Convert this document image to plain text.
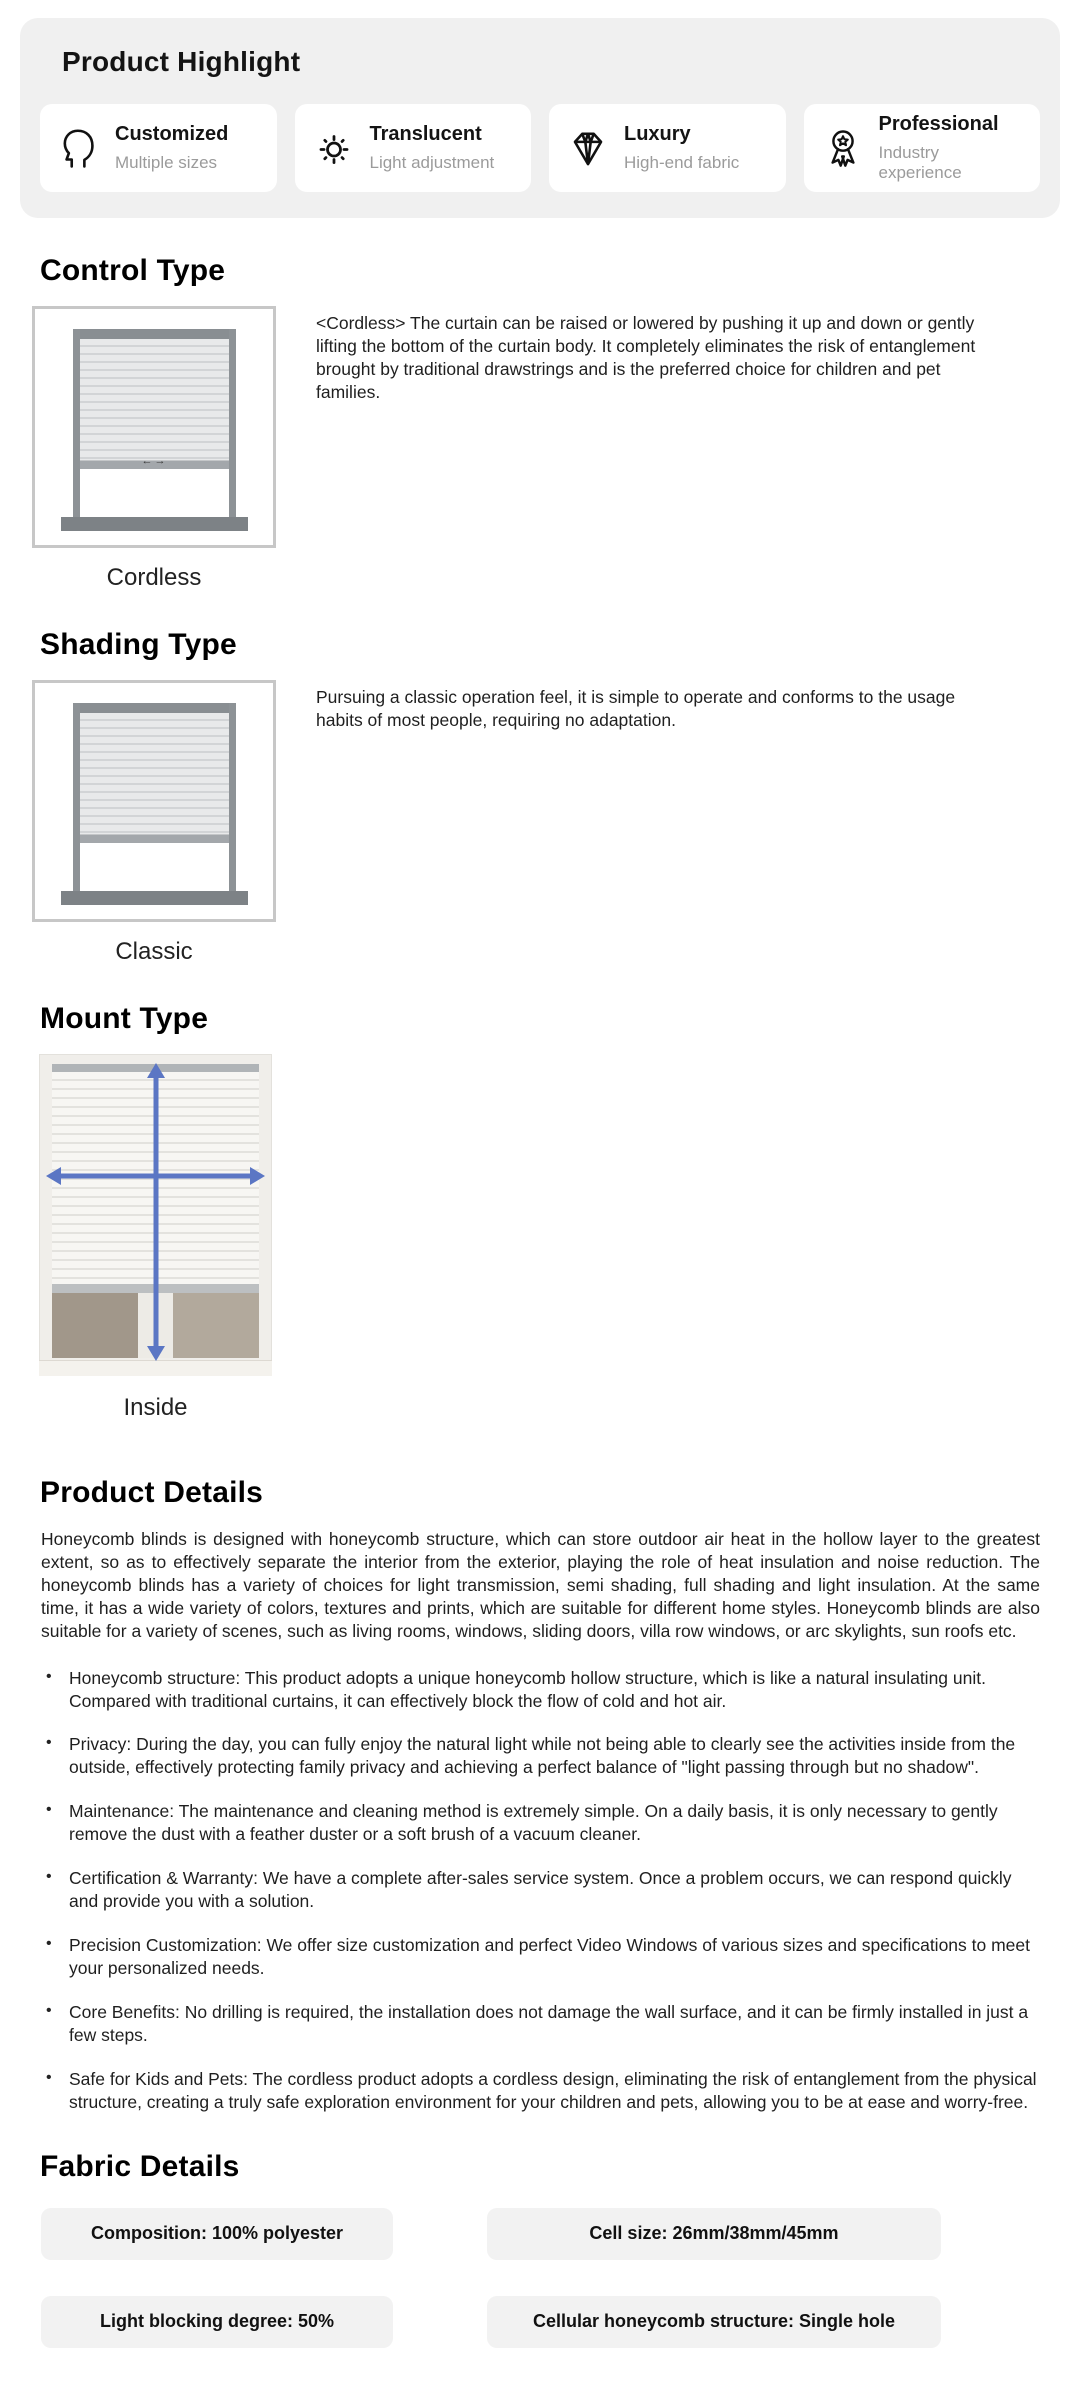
Product Highlight
Customized
Multiple sizes
Translucent
Light adjustment
Luxury
High-end fabric
Professional
Industry experience
Control Type
←→
Cordless
<Cordless> The curtain can be raised or lowered by pushing it up and down or gently lifting the bottom of the curtain body. It completely eliminates the risk of entanglement brought by traditional drawstrings and is the preferred choice for children and pet families.
Shading Type
Classic
Pursuing a classic operation feel, it is simple to operate and conforms to the usage habits of most people, requiring no adaptation.
Mount Type
Inside
Product Details

Honeycomb blinds is designed with honeycomb structure, which can store outdoor air heat in the hollow layer to the greatest extent, so as to effectively separate the interior from the exterior, playing the role of heat insulation and noise reduction. The honeycomb blinds has a variety of choices for light transmission, semi shading, full shading and light insulation. At the same time, it has a wide variety of colors, textures and prints, which are suitable for different home styles. Honeycomb blinds are also suitable for a variety of scenes, such as living rooms, windows, sliding doors, villa row windows, or arc skylights, sun roofs etc.

• Honeycomb structure: This product adopts a unique honeycomb hollow structure, which is like a natural insulating unit. Compared with traditional curtains, it can effectively block the flow of cold and hot air.
• Privacy: During the day, you can fully enjoy the natural light while not being able to clearly see the activities inside from the outside, effectively protecting family privacy and achieving a perfect balance of "light passing through but no shadow".
• Maintenance: The maintenance and cleaning method is extremely simple. On a daily basis, it is only necessary to gently remove the dust with a feather duster or a soft brush of a vacuum cleaner.
• Certification & Warranty: We have a complete after-sales service system. Once a problem occurs, we can respond quickly and provide you with a solution.
• Precision Customization: We offer size customization and perfect Video Windows of various sizes and specifications to meet your personalized needs.
• Core Benefits: No drilling is required, the installation does not damage the wall surface, and it can be firmly installed in just a few steps.
• Safe for Kids and Pets: The cordless product adopts a cordless design, eliminating the risk of entanglement from the physical structure, creating a truly safe exploration environment for your children and pets, allowing you to be at ease and worry-free.
Fabric Details
Composition: 100% polyester	Cell size: 26mm/38mm/45mm
Light blocking degree: 50%	Cellular honeycomb structure: Single hole
